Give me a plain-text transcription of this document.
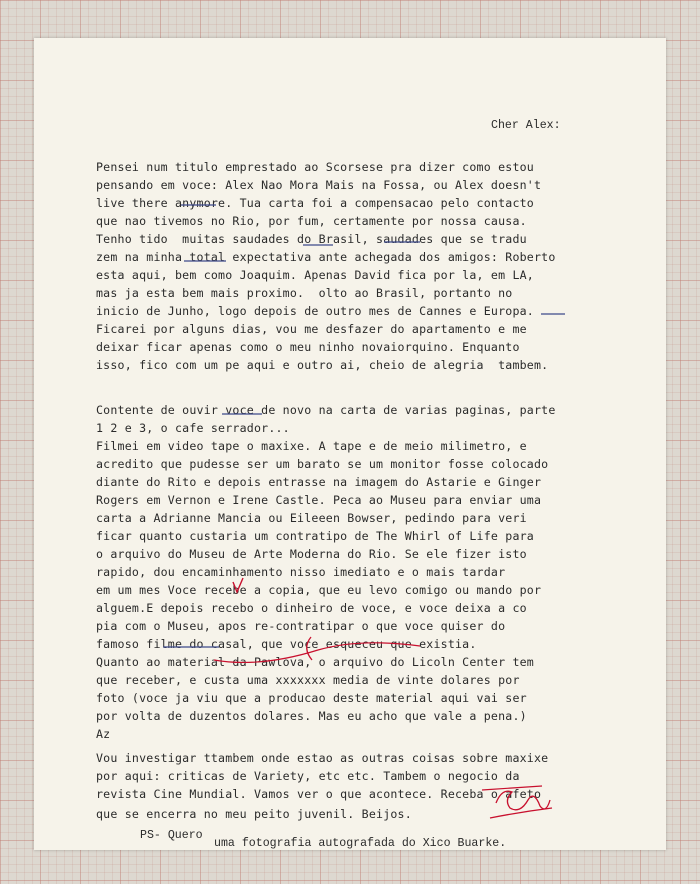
Cher Alex:
Pensei num titulo emprestado ao Scorsese pra dizer como estou
pensando em voce: Alex Nao Mora Mais na Fossa, ou Alex doesn't
live there anymore. Tua carta foi a compensacao pelo contacto
que nao tivemos no Rio, por fum, certamente por nossa causa.
Tenho tido  muitas saudades do Brasil, saudades que se tradu
zem na minha total expectativa ante achegada dos amigos: Roberto
esta aqui, bem como Joaquim. Apenas David fica por la, em LA,
mas ja esta bem mais proximo.  olto ao Brasil, portanto no
inicio de Junho, logo depois de outro mes de Cannes e Europa.
Ficarei por alguns dias, vou me desfazer do apartamento e me
deixar ficar apenas como o meu ninho novaiorquino. Enquanto
isso, fico com um pe aqui e outro ai, cheio de alegria  tambem.
Contente de ouvir voce de novo na carta de varias paginas, parte
1 2 e 3, o cafe serrador...
Filmei em video tape o maxixe. A tape e de meio milimetro, e
acredito que pudesse ser um barato se um monitor fosse colocado
diante do Rito e depois entrasse na imagem do Astarie e Ginger
Rogers em Vernon e Irene Castle. Peca ao Museu para enviar uma
carta a Adrianne Mancia ou Eileeen Bowser, pedindo para veri
ficar quanto custaria um contratipo de The Whirl of Life para
o arquivo do Museu de Arte Moderna do Rio. Se ele fizer isto
rapido, dou encaminhamento nisso imediato e o mais tardar
em um mes Voce recebe a copia, que eu levo comigo ou mando por
alguem.E depois recebo o dinheiro de voce, e voce deixa a co
pia com o Museu, apos re-contratipar o que voce quiser do
famoso filme do casal, que voce esqueceu que existia.
Quanto ao material da Pawlova, o arquivo do Licoln Center tem
que receber, e custa uma xxxxxxx media de vinte dolares por
foto (voce ja viu que a producao deste material aqui vai ser
por volta de duzentos dolares. Mas eu acho que vale a pena.)
Az
Vou investigar ttambem onde estao as outras coisas sobre maxixe
por aqui: criticas de Variety, etc etc. Tambem o negocio da
revista Cine Mundial. Vamos ver o que acontece. Receba o afeto
que se encerra no meu peito juvenil. Beijos.
PS- Quero
uma fotografia autografada do Xico Buarke.
